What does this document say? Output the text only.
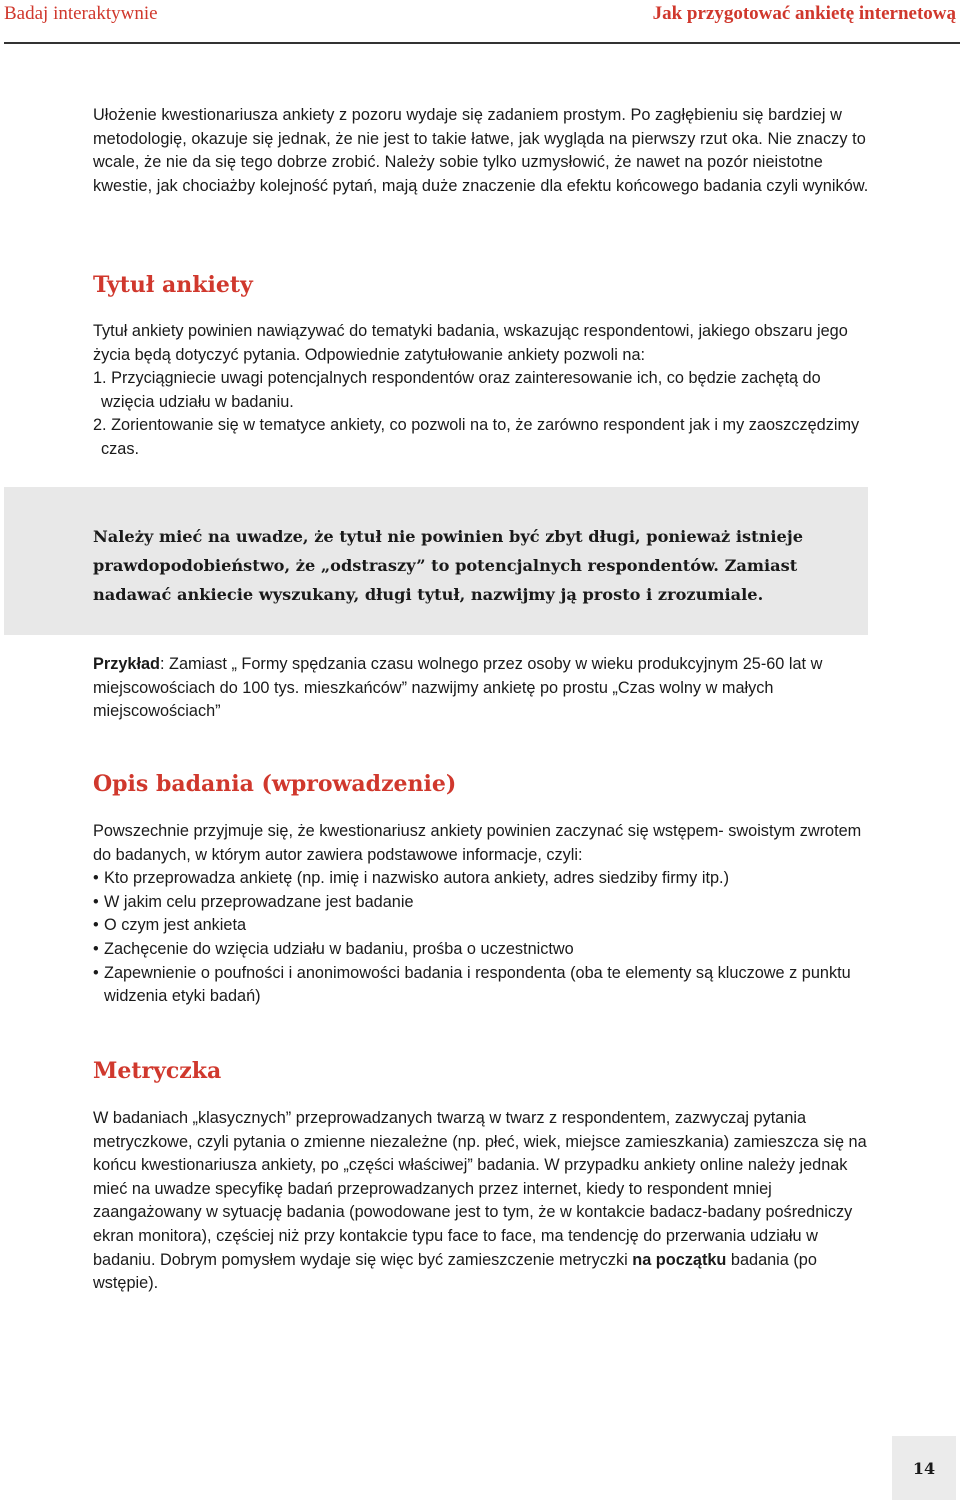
Badaj interaktywnie	Jak przygotować ankietę internetową

Ułożenie kwestionariusza ankiety z pozoru wydaje się zadaniem prostym. Po zagłębieniu się bardziej w metodologię, okazuje się jednak, że nie jest to takie łatwe, jak wygląda na pierwszy rzut oka. Nie znaczy to wcale, że nie da się tego dobrze zrobić. Należy sobie tylko uzmysłowić, że nawet na pozór nieistotne kwestie, jak chociażby kolejność pytań, mają duże znaczenie dla efektu końcowego badania czyli wyników.

Tytuł ankiety

Tytuł ankiety powinien nawiązywać do tematyki badania, wskazując respondentowi, jakiego obszaru jego życia będą dotyczyć pytania. Odpowiednie zatytułowanie ankiety pozwoli na:

1. Przyciągniecie uwagi potencjalnych respondentów oraz zainteresowanie ich, co będzie zachętą do wzięcia udziału w badaniu.
2. Zorientowanie się w tematyce ankiety, co pozwoli na to, że zarówno respondent jak i my zaoszczędzimy czas.

Należy mieć na uwadze, że tytuł nie powinien być zbyt długi, ponieważ istnieje prawdopodobieństwo, że „odstraszy” to potencjalnych respondentów. Zamiast nadawać ankiecie wyszukany, długi tytuł, nazwijmy ją prosto i zrozumiale.

Przykład: Zamiast „ Formy spędzania czasu wolnego przez osoby w wieku produkcyjnym 25-60 lat w miejscowościach do 100 tys. mieszkańców” nazwijmy ankietę po prostu „Czas wolny w małych miejscowościach”

Opis badania (wprowadzenie)

Powszechnie przyjmuje się, że kwestionariusz ankiety powinien zaczynać się wstępem- swoistym zwrotem do badanych, w którym autor zawiera podstawowe informacje, czyli:

• Kto przeprowadza ankietę (np. imię i nazwisko autora ankiety, adres siedziby firmy itp.)
• W jakim celu przeprowadzane jest badanie
• O czym jest ankieta
• Zachęcenie do wzięcia udziału w badaniu, prośba o uczestnictwo
• Zapewnienie o poufności i anonimowości badania i respondenta (oba te elementy są kluczowe z punktu widzenia etyki badań)
Metryczka

W badaniach „klasycznych” przeprowadzanych twarzą w twarz z respondentem, zazwyczaj pytania metryczkowe, czyli pytania o zmienne niezależne (np. płeć, wiek, miejsce zamieszkania) zamieszcza się na końcu kwestionariusza ankiety, po „części właściwej” badania. W przypadku ankiety online należy jednak mieć na uwadze specyfikę badań przeprowadzanych przez internet, kiedy to respondent mniej zaangażowany w sytuację badania (powodowane jest to tym, że w kontakcie badacz-badany pośredniczy ekran monitora), częściej niż przy kontakcie typu face to face, ma tendencję do przerwania udziału w badaniu. Dobrym pomysłem wydaje się więc być zamieszczenie metryczki na początku badania (po wstępie).

14
